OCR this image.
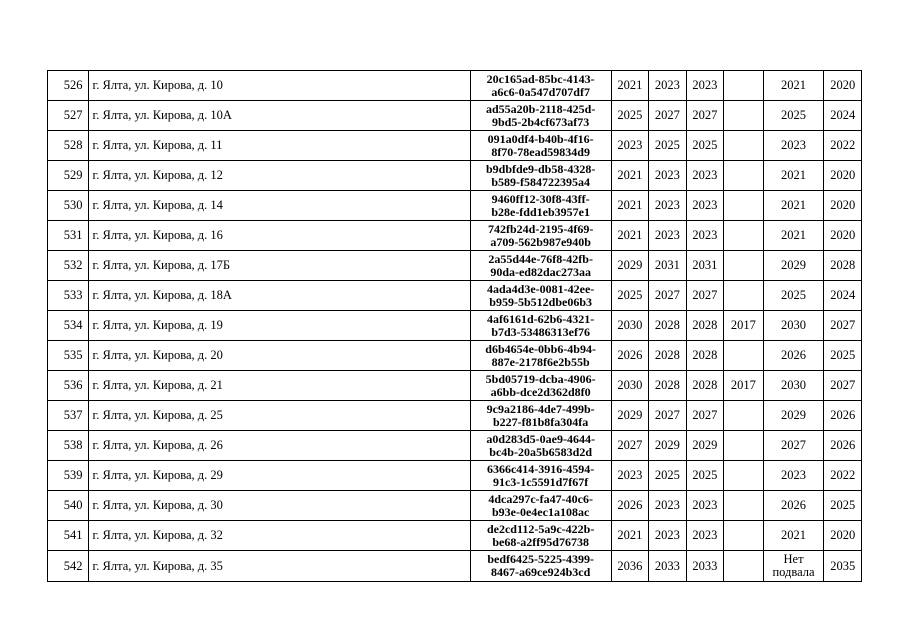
526	г. Ялта, ул. Кирова, д. 10	20c165ad-85bc-4143-
a6c6-0a547d707df7	2021	2023	2023		2021	2020
527	г. Ялта, ул. Кирова, д. 10А	ad55a20b-2118-425d-
9bd5-2b4cf673af73	2025	2027	2027		2025	2024
528	г. Ялта, ул. Кирова, д. 11	091a0df4-b40b-4f16-
8f70-78ead59834d9	2023	2025	2025		2023	2022
529	г. Ялта, ул. Кирова, д. 12	b9dbfde9-db58-4328-
b589-f584722395a4	2021	2023	2023		2021	2020
530	г. Ялта, ул. Кирова, д. 14	9460ff12-30f8-43ff-
b28e-fdd1eb3957e1	2021	2023	2023		2021	2020
531	г. Ялта, ул. Кирова, д. 16	742fb24d-2195-4f69-
a709-562b987e940b	2021	2023	2023		2021	2020
532	г. Ялта, ул. Кирова, д. 17Б	2a55d44e-76f8-42fb-
90da-ed82dac273aa	2029	2031	2031		2029	2028
533	г. Ялта, ул. Кирова, д. 18А	4ada4d3e-0081-42ee-
b959-5b512dbe06b3	2025	2027	2027		2025	2024
534	г. Ялта, ул. Кирова, д. 19	4af6161d-62b6-4321-
b7d3-53486313ef76	2030	2028	2028	2017	2030	2027
535	г. Ялта, ул. Кирова, д. 20	d6b4654e-0bb6-4b94-
887e-2178f6e2b55b	2026	2028	2028		2026	2025
536	г. Ялта, ул. Кирова, д. 21	5bd05719-dcba-4906-
a6bb-dce2d362d8f0	2030	2028	2028	2017	2030	2027
537	г. Ялта, ул. Кирова, д. 25	9c9a2186-4de7-499b-
b227-f81b8fa304fa	2029	2027	2027		2029	2026
538	г. Ялта, ул. Кирова, д. 26	a0d283d5-0ae9-4644-
bc4b-20a5b6583d2d	2027	2029	2029		2027	2026
539	г. Ялта, ул. Кирова, д. 29	6366c414-3916-4594-
91c3-1c5591d7f67f	2023	2025	2025		2023	2022
540	г. Ялта, ул. Кирова, д. 30	4dca297c-fa47-40c6-
b93e-0e4ec1a108ac	2026	2023	2023		2026	2025
541	г. Ялта, ул. Кирова, д. 32	de2cd112-5a9c-422b-
be68-a2ff95d76738	2021	2023	2023		2021	2020
542	г. Ялта, ул. Кирова, д. 35	bedf6425-5225-4399-
8467-a69ce924b3cd	2036	2033	2033		Нет подвала	2035
